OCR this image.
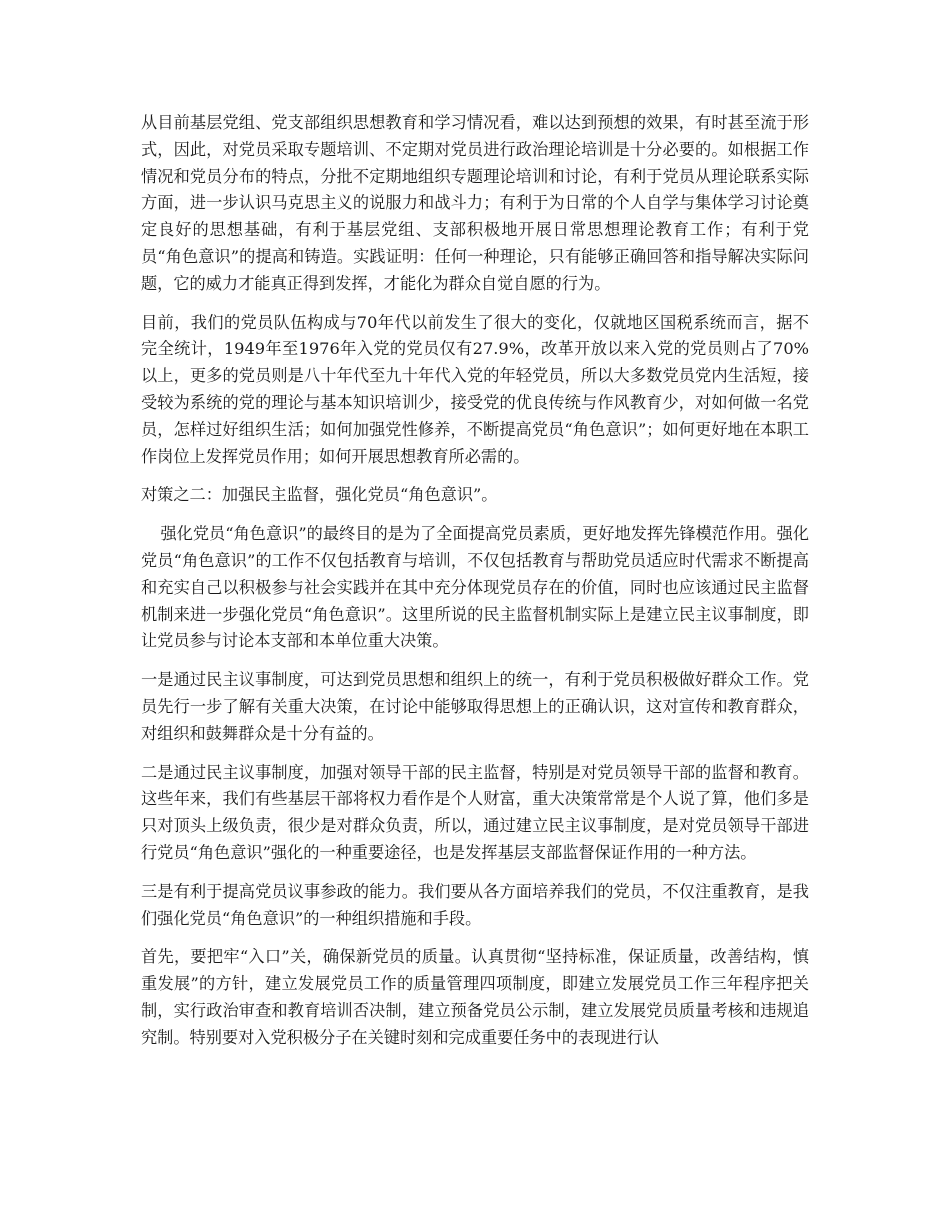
从目前基层党组、党支部组织思想教育和学习情况看，难以达到预想的效果，有时甚至流于形式，因此，对党员采取专题培训、不定期对党员进行政治理论培训是十分必要的。如根据工作情况和党员分布的特点，分批不定期地组织专题理论培训和讨论，有利于党员从理论联系实际方面，进一步认识马克思主义的说服力和战斗力；有利于为日常的个人自学与集体学习讨论奠定良好的思想基础，有利于基层党组、支部积极地开展日常思想理论教育工作；有利于党员“角色意识”的提高和铸造。实践证明：任何一种理论，只有能够正确回答和指导解决实际问题，它的威力才能真正得到发挥，才能化为群众自觉自愿的行为。

目前，我们的党员队伍构成与70年代以前发生了很大的变化，仅就地区国税系统而言，据不完全统计，1949年至1976年入党的党员仅有27.9%，改革开放以来入党的党员则占了70%以上，更多的党员则是八十年代至九十年代入党的年轻党员，所以大多数党员党内生活短，接受较为系统的党的理论与基本知识培训少，接受党的优良传统与作风教育少，对如何做一名党员，怎样过好组织生活；如何加强党性修养，不断提高党员“角色意识”；如何更好地在本职工作岗位上发挥党员作用；如何开展思想教育所必需的。

对策之二：加强民主监督，强化党员“角色意识”。

强化党员“角色意识”的最终目的是为了全面提高党员素质，更好地发挥先锋模范作用。强化党员“角色意识”的工作不仅包括教育与培训，不仅包括教育与帮助党员适应时代需求不断提高和充实自己以积极参与社会实践并在其中充分体现党员存在的价值，同时也应该通过民主监督机制来进一步强化党员“角色意识”。这里所说的民主监督机制实际上是建立民主议事制度，即让党员参与讨论本支部和本单位重大决策。

一是通过民主议事制度，可达到党员思想和组织上的统一，有利于党员积极做好群众工作。党员先行一步了解有关重大决策，在讨论中能够取得思想上的正确认识，这对宣传和教育群众，对组织和鼓舞群众是十分有益的。

二是通过民主议事制度，加强对领导干部的民主监督，特别是对党员领导干部的监督和教育。这些年来，我们有些基层干部将权力看作是个人财富，重大决策常常是个人说了算，他们多是只对顶头上级负责，很少是对群众负责，所以，通过建立民主议事制度，是对党员领导干部进行党员“角色意识”强化的一种重要途径，也是发挥基层支部监督保证作用的一种方法。

三是有利于提高党员议事参政的能力。我们要从各方面培养我们的党员，不仅注重教育，是我们强化党员“角色意识”的一种组织措施和手段。

首先，要把牢“入口”关，确保新党员的质量。认真贯彻“坚持标准，保证质量，改善结构，慎重发展”的方针，建立发展党员工作的质量管理四项制度，即建立发展党员工作三年程序把关制，实行政治审查和教育培训否决制，建立预备党员公示制，建立发展党员质量考核和违规追究制。特别要对入党积极分子在关键时刻和完成重要任务中的表现进行认
